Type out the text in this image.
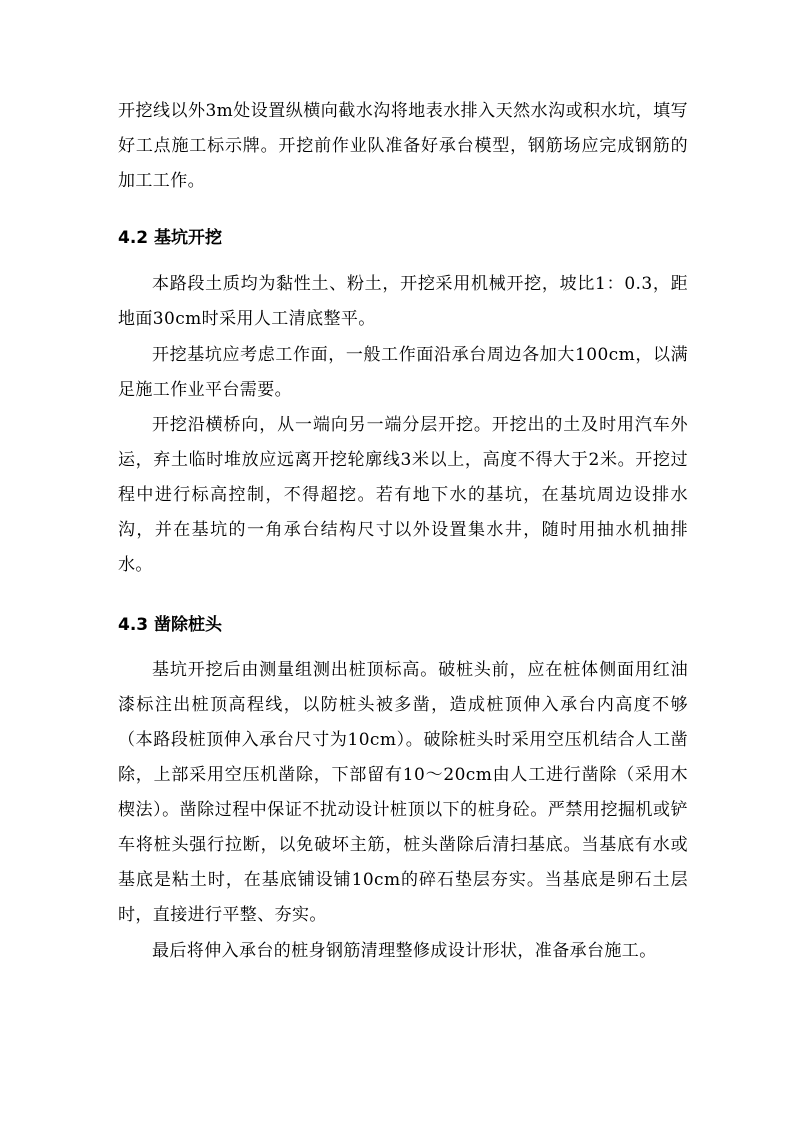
开挖线以外3m处设置纵横向截水沟将地表水排入天然水沟或积水坑，填写好工点施工标示牌。开挖前作业队准备好承台模型，钢筋场应完成钢筋的加工工作。
4.2 基坑开挖
本路段土质均为黏性土、粉土，开挖采用机械开挖，坡比1：0.3，距地面30cm时采用人工清底整平。
开挖基坑应考虑工作面，一般工作面沿承台周边各加大100cm，以满足施工作业平台需要。
开挖沿横桥向，从一端向另一端分层开挖。开挖出的土及时用汽车外运，弃土临时堆放应远离开挖轮廓线3米以上，高度不得大于2米。开挖过程中进行标高控制，不得超挖。若有地下水的基坑，在基坑周边设排水沟，并在基坑的一角承台结构尺寸以外设置集水井，随时用抽水机抽排水。
4.3 凿除桩头
基坑开挖后由测量组测出桩顶标高。破桩头前，应在桩体侧面用红油漆标注出桩顶高程线，以防桩头被多凿，造成桩顶伸入承台内高度不够（本路段桩顶伸入承台尺寸为10cm）。破除桩头时采用空压机结合人工凿除，上部采用空压机凿除，下部留有10～20cm由人工进行凿除（采用木楔法）。凿除过程中保证不扰动设计桩顶以下的桩身砼。严禁用挖掘机或铲车将桩头强行拉断，以免破坏主筋，桩头凿除后清扫基底。当基底有水或基底是粘土时，在基底铺设铺10cm的碎石垫层夯实。当基底是卵石土层时，直接进行平整、夯实。
最后将伸入承台的桩身钢筋清理整修成设计形状，准备承台施工。
